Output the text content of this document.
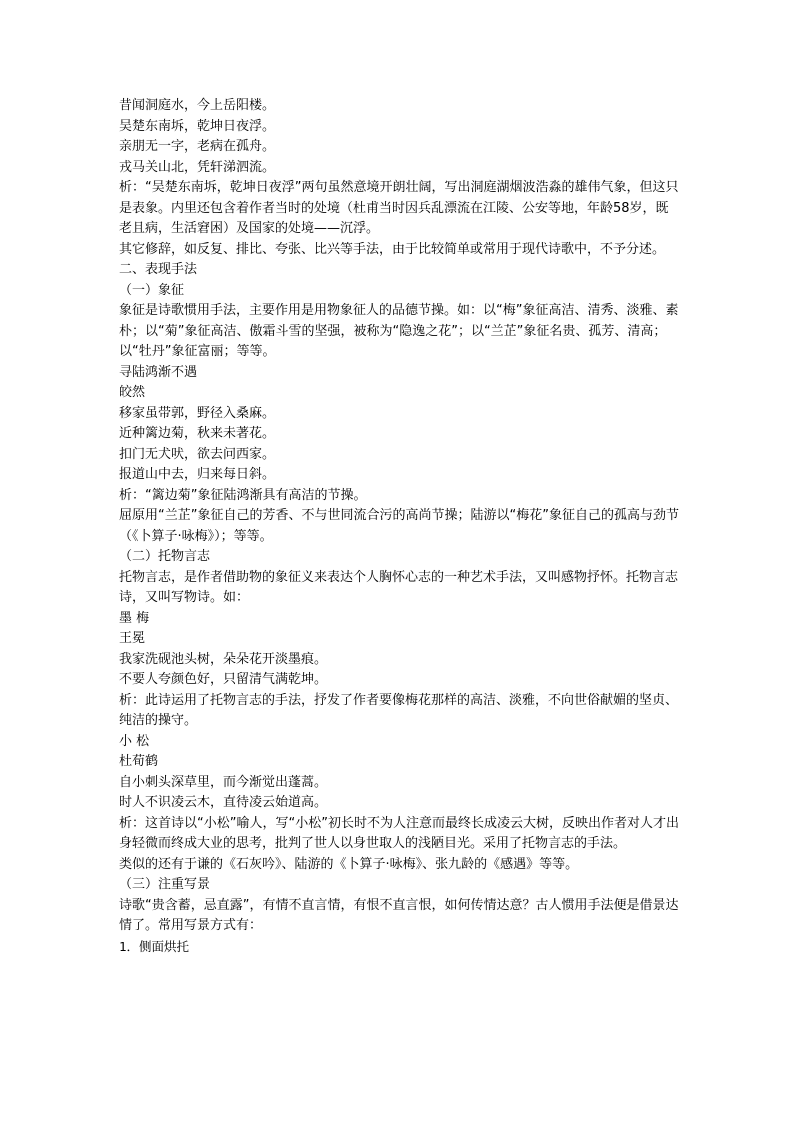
昔闻洞庭水，今上岳阳楼。

吴楚东南坼，乾坤日夜浮。

亲朋无一字，老病在孤舟。

戎马关山北，凭轩涕泗流。

析：“吴楚东南坼，乾坤日夜浮”两句虽然意境开朗壮阔，写出洞庭湖烟波浩淼的雄伟气象，但这只是表象。内里还包含着作者当时的处境（杜甫当时因兵乱漂流在江陵、公安等地，年龄58岁，既老且病，生活窘困）及国家的处境——沉浮。

其它修辞，如反复、排比、夸张、比兴等手法，由于比较简单或常用于现代诗歌中，不予分述。

二、表现手法

（一）象征

象征是诗歌惯用手法，主要作用是用物象征人的品德节操。如：以“梅”象征高洁、清秀、淡雅、素朴；以“菊”象征高洁、傲霜斗雪的坚强，被称为“隐逸之花”；以“兰芷”象征名贵、孤芳、清高；以“牡丹”象征富丽；等等。

寻陆鸿渐不遇

皎然

移家虽带郭，野径入桑麻。

近种篱边菊，秋来未著花。

扣门无犬吠，欲去问西家。

报道山中去，归来每日斜。

析：“篱边菊”象征陆鸿渐具有高洁的节操。

屈原用“兰芷”象征自己的芳香、不与世同流合污的高尚节操；陆游以“梅花”象征自己的孤高与劲节（《卜算子·咏梅》）；等等。

（二）托物言志

托物言志，是作者借助物的象征义来表达个人胸怀心志的一种艺术手法，又叫感物抒怀。托物言志诗，又叫写物诗。如：

墨 梅

王冕

我家洗砚池头树，朵朵花开淡墨痕。

不要人夸颜色好，只留清气满乾坤。

析：此诗运用了托物言志的手法，抒发了作者要像梅花那样的高洁、淡雅，不向世俗献媚的坚贞、纯洁的操守。

小 松

杜荀鹤

自小刺头深草里，而今渐觉出蓬蒿。

时人不识凌云木，直待凌云始道高。

析：这首诗以“小松”喻人，写“小松”初长时不为人注意而最终长成凌云大树，反映出作者对人才出身轻微而终成大业的思考，批判了世人以身世取人的浅陋目光。采用了托物言志的手法。

类似的还有于谦的《石灰吟》、陆游的《卜算子·咏梅》、张九龄的《感遇》等等。

（三）注重写景

诗歌“贵含蓄，忌直露”，有情不直言情，有恨不直言恨，如何传情达意？古人惯用手法便是借景达情了。常用写景方式有：

1．侧面烘托
